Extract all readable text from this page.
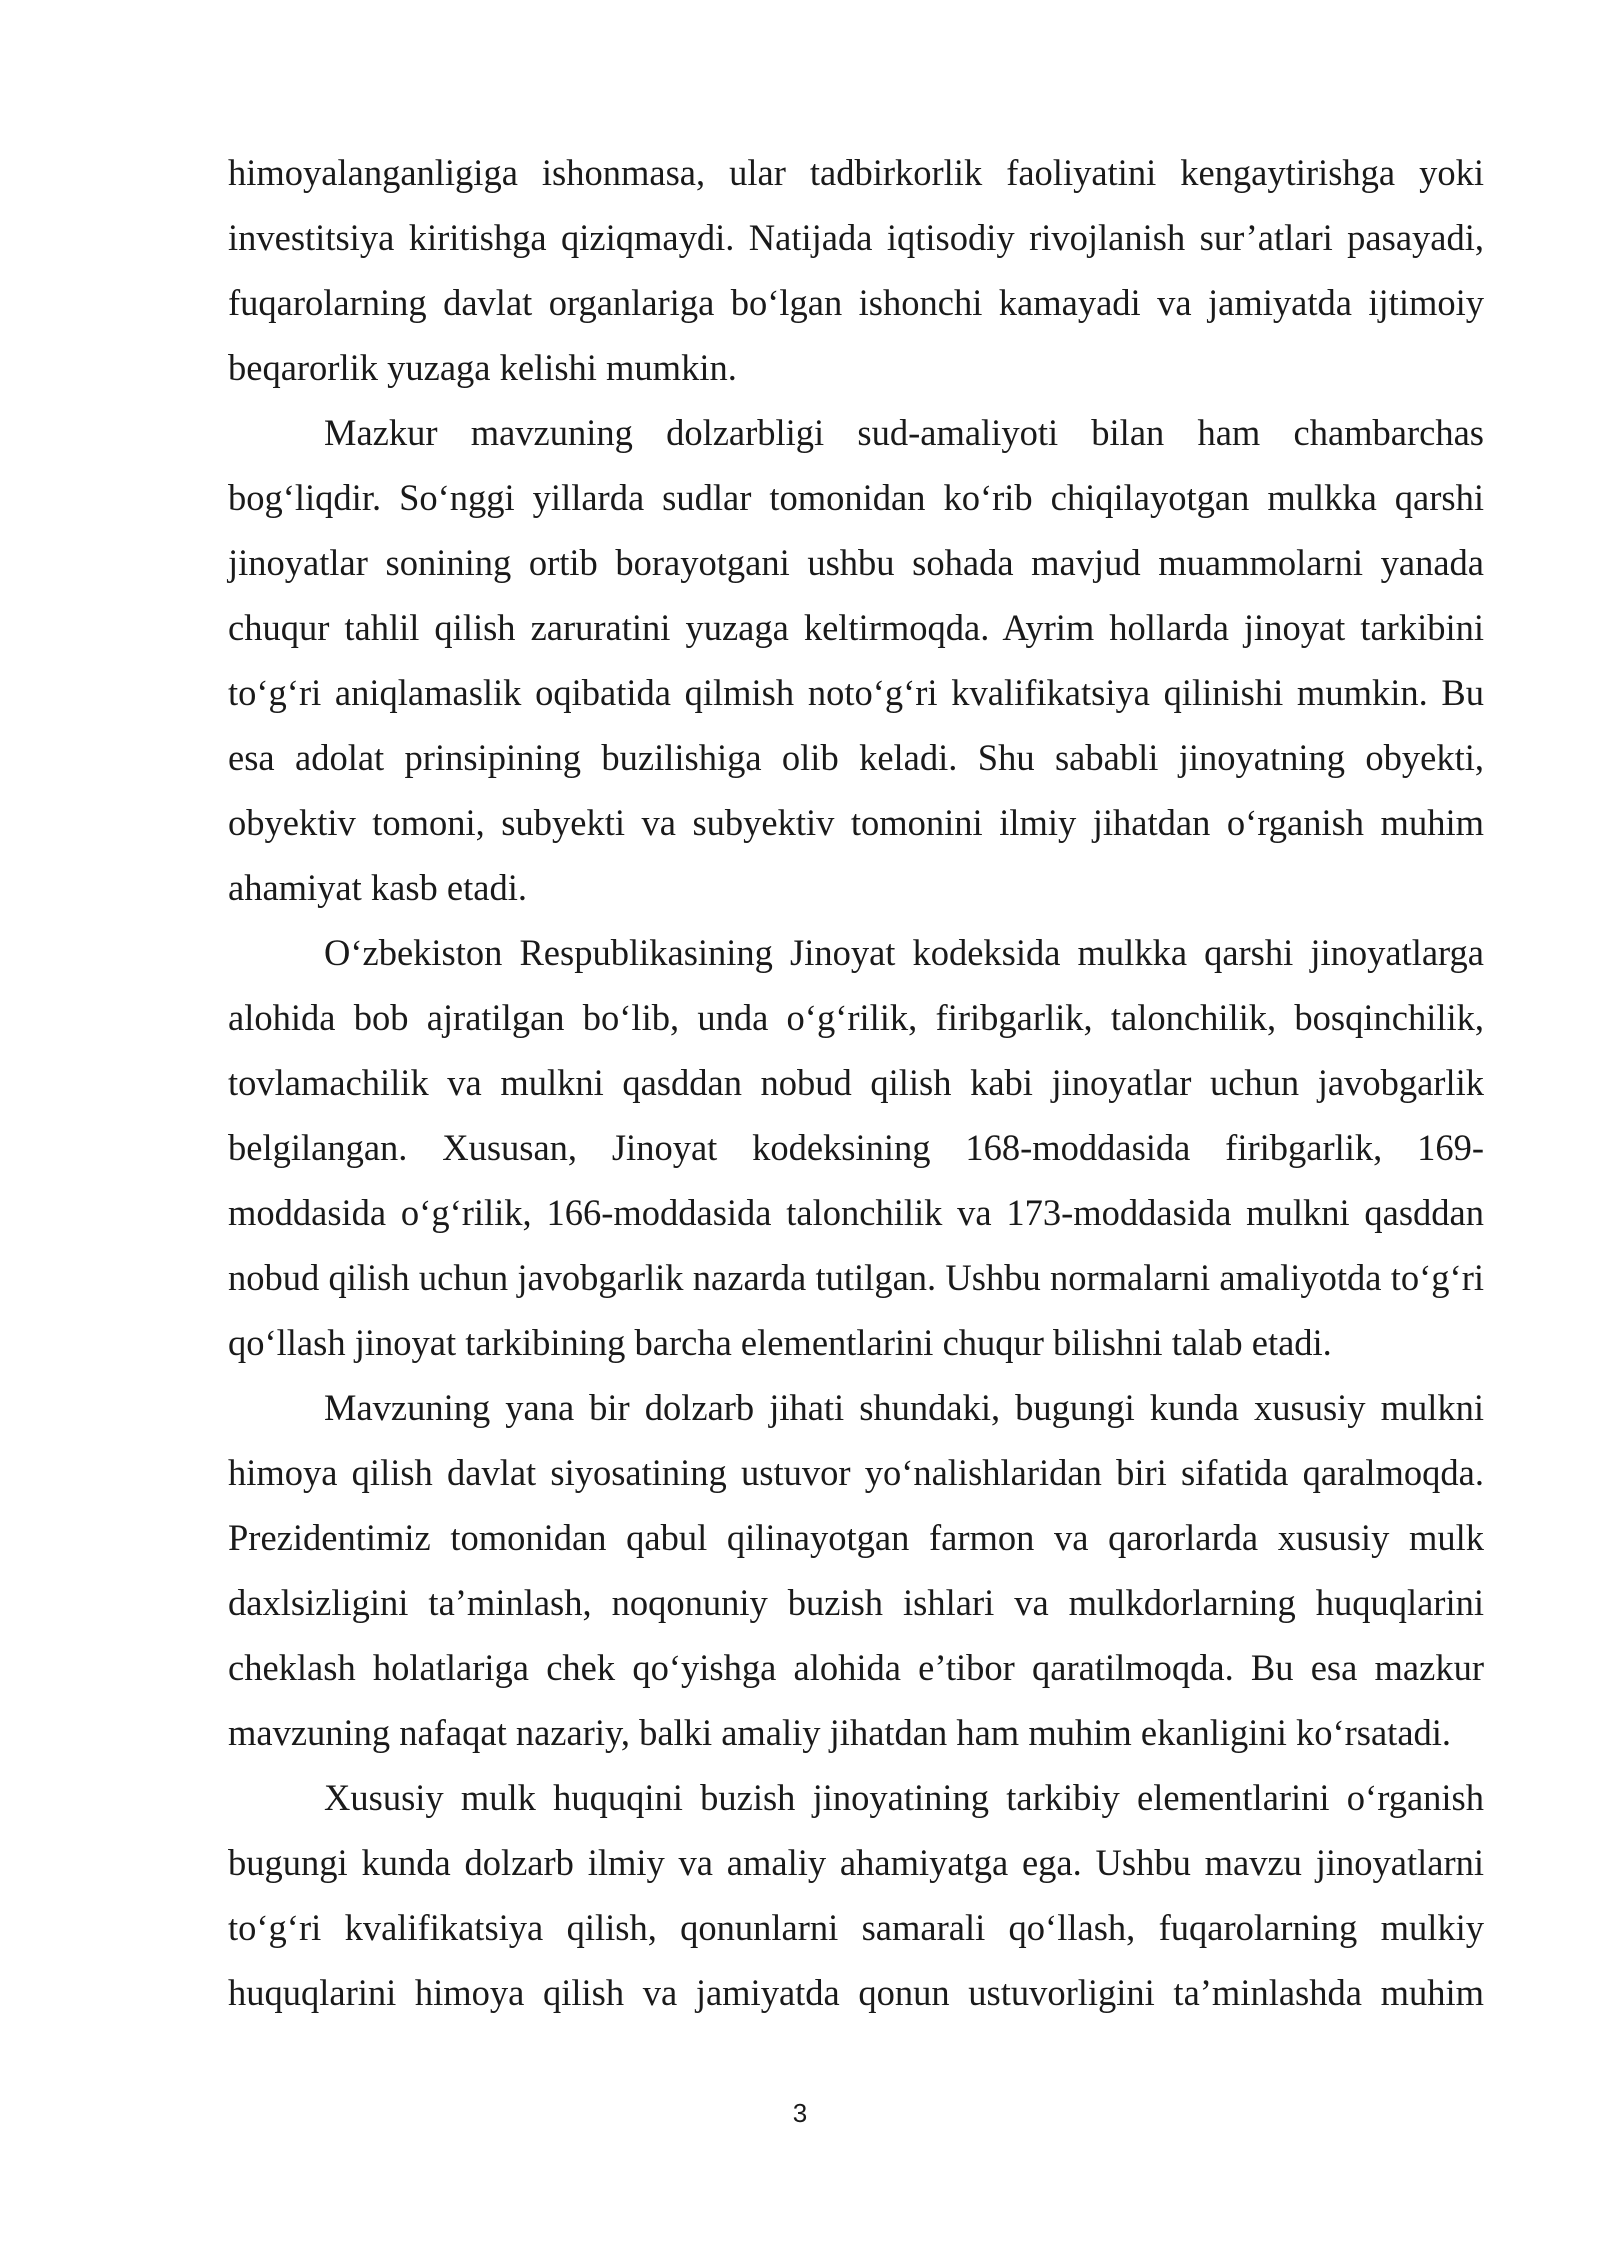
himoyalanganligiga ishonmasa, ular tadbirkorlik faoliyatini kengaytirishga yoki investitsiya kiritishga qiziqmaydi. Natijada iqtisodiy rivojlanish sur’atlari pasayadi, fuqarolarning davlat organlariga bo‘lgan ishonchi kamayadi va jamiyatda ijtimoiy beqarorlik yuzaga kelishi mumkin.

Mazkur mavzuning dolzarbligi sud-amaliyoti bilan ham chambarchas bog‘liqdir. So‘nggi yillarda sudlar tomonidan ko‘rib chiqilayotgan mulkka qarshi jinoyatlar sonining ortib borayotgani ushbu sohada mavjud muammolarni yanada chuqur tahlil qilish zaruratini yuzaga keltirmoqda. Ayrim hollarda jinoyat tarkibini to‘g‘ri aniqlamaslik oqibatida qilmish noto‘g‘ri kvalifikatsiya qilinishi mumkin. Bu esa adolat prinsipining buzilishiga olib keladi. Shu sababli jinoyatning obyekti, obyektiv tomoni, subyekti va subyektiv tomonini ilmiy jihatdan o‘rganish muhim ahamiyat kasb etadi.

O‘zbekiston Respublikasining Jinoyat kodeksida mulkka qarshi jinoyatlarga alohida bob ajratilgan bo‘lib, unda o‘g‘rilik, firibgarlik, talonchilik, bosqinchilik, tovlamachilik va mulkni qasddan nobud qilish kabi jinoyatlar uchun javobgarlik belgilangan. Xususan, Jinoyat kodeksining 168-moddasida firibgarlik, 169-moddasida o‘g‘rilik, 166-moddasida talonchilik va 173-moddasida mulkni qasddan nobud qilish uchun javobgarlik nazarda tutilgan. Ushbu normalarni amaliyotda to‘g‘ri qo‘llash jinoyat tarkibining barcha elementlarini chuqur bilishni talab etadi.

Mavzuning yana bir dolzarb jihati shundaki, bugungi kunda xususiy mulkni himoya qilish davlat siyosatining ustuvor yo‘nalishlaridan biri sifatida qaralmoqda. Prezidentimiz tomonidan qabul qilinayotgan farmon va qarorlarda xususiy mulk daxlsizligini ta’minlash, noqonuniy buzish ishlari va mulkdorlarning huquqlarini cheklash holatlariga chek qo‘yishga alohida e’tibor qaratilmoqda. Bu esa mazkur mavzuning nafaqat nazariy, balki amaliy jihatdan ham muhim ekanligini ko‘rsatadi.

Xususiy mulk huquqini buzish jinoyatining tarkibiy elementlarini o‘rganish bugungi kunda dolzarb ilmiy va amaliy ahamiyatga ega. Ushbu mavzu jinoyatlarni to‘g‘ri kvalifikatsiya qilish, qonunlarni samarali qo‘llash, fuqarolarning mulkiy huquqlarini himoya qilish va jamiyatda qonun ustuvorligini ta’minlashda muhim

3
